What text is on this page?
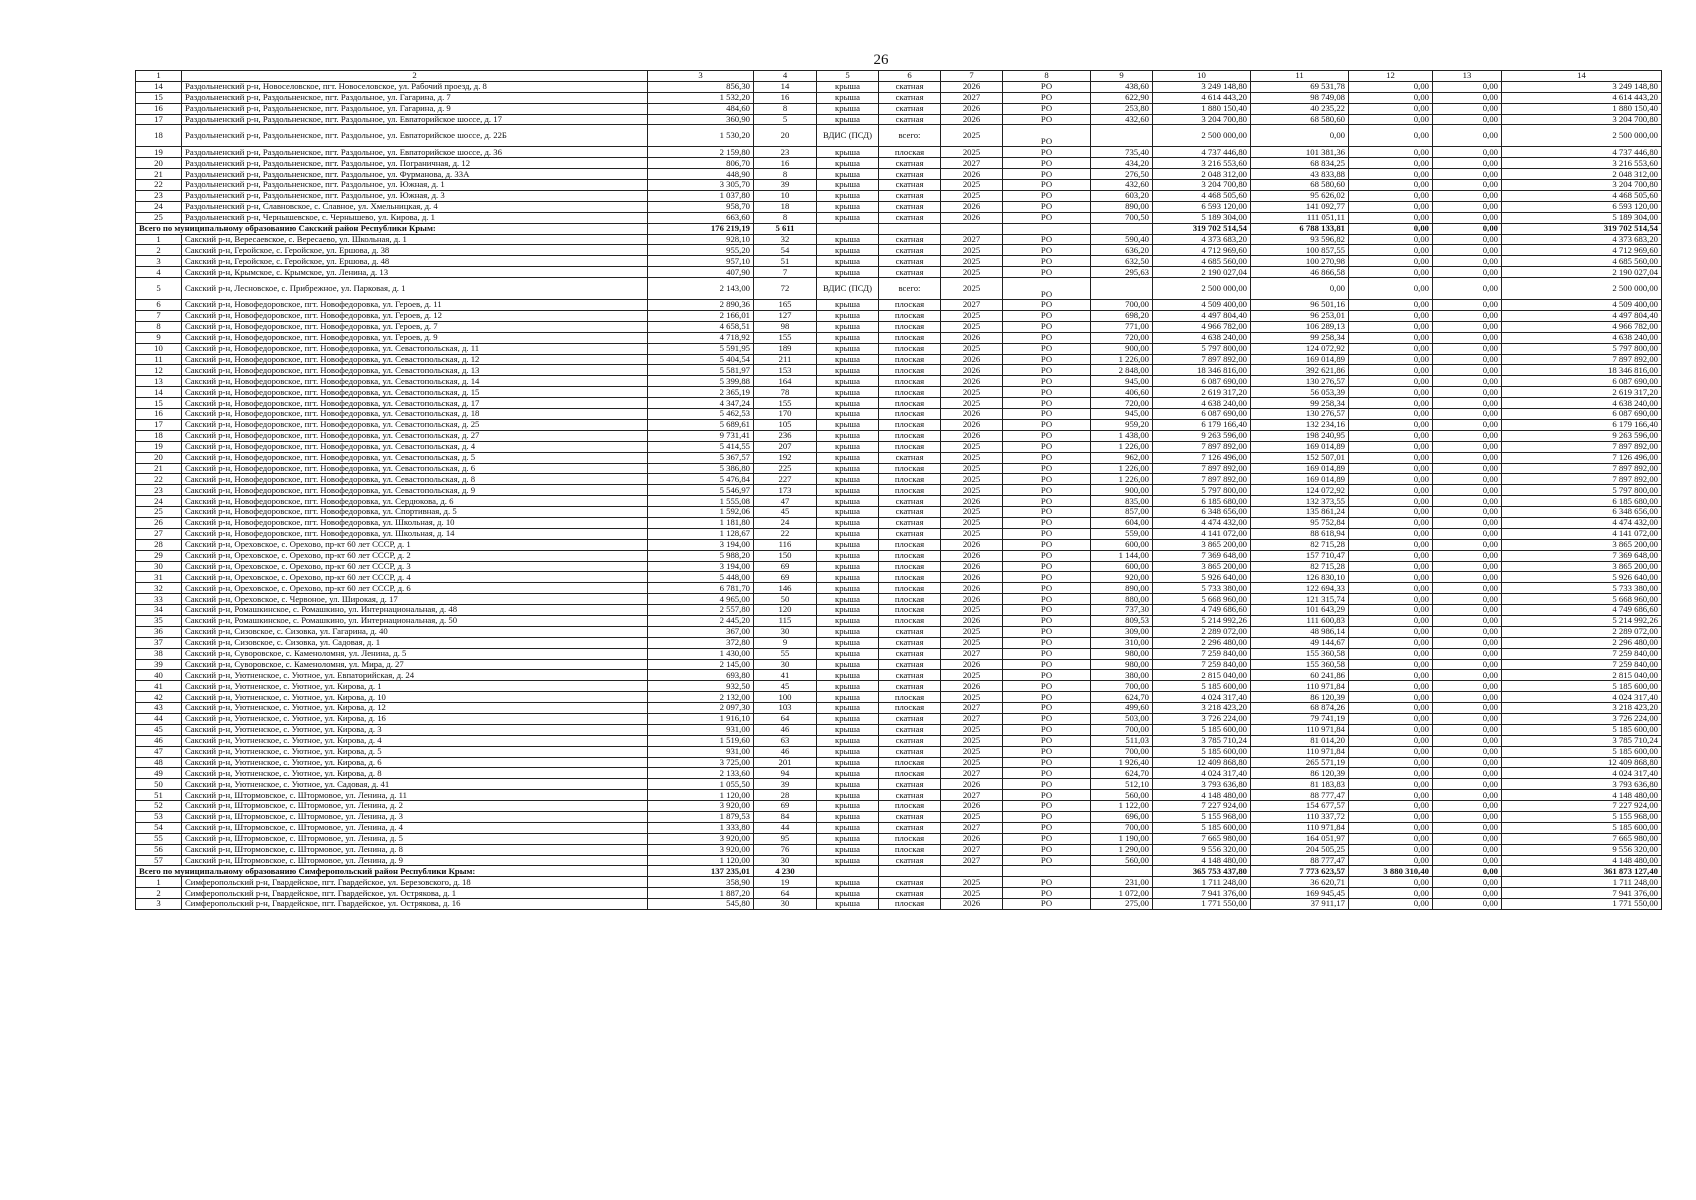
26
1	2	3	4	5	6	7	8	9	10	11	12	13	14
14	Раздольненский р-н, Новоселовское, пгт. Новоселовское, ул. Рабочий проезд, д. 8	856,30	14	крыша	скатная	2026	РО	438,60	3 249 148,80	69 531,78	0,00	0,00	3 249 148,80
15	Раздольненский р-н, Раздольненское, пгт. Раздольное, ул. Гагарина, д. 7	1 532,20	16	крыша	скатная	2027	РО	622,90	4 614 443,20	98 749,08	0,00	0,00	4 614 443,20
16	Раздольненский р-н, Раздольненское, пгт. Раздольное, ул. Гагарина, д. 9	484,60	8	крыша	скатная	2026	РО	253,80	1 880 150,40	40 235,22	0,00	0,00	1 880 150,40
17	Раздольненский р-н, Раздольненское, пгт. Раздольное, ул. Евпаторийское шоссе, д. 17	360,90	5	крыша	скатная	2026	РО	432,60	3 204 700,80	68 580,60	0,00	0,00	3 204 700,80
18	Раздольненский р-н, Раздольненское, пгт. Раздольное, ул. Евпаторийское шоссе, д. 22Б	1 530,20	20	ВДИС (ПСД)	всего:	2025	РО		2 500 000,00	0,00	0,00	0,00	2 500 000,00
19	Раздольненский р-н, Раздольненское, пгт. Раздольное, ул. Евпаторийское шоссе, д. 36	2 159,80	23	крыша	плоская	2025	РО	735,40	4 737 446,80	101 381,36	0,00	0,00	4 737 446,80
20	Раздольненский р-н, Раздольненское, пгт. Раздольное, ул. Пограничная, д. 12	806,70	16	крыша	скатная	2027	РО	434,20	3 216 553,60	68 834,25	0,00	0,00	3 216 553,60
21	Раздольненский р-н, Раздольненское, пгт. Раздольное, ул. Фурманова, д. 33А	448,90	8	крыша	скатная	2026	РО	276,50	2 048 312,00	43 833,88	0,00	0,00	2 048 312,00
22	Раздольненский р-н, Раздольненское, пгт. Раздольное, ул. Южная, д. 1	3 305,70	39	крыша	скатная	2025	РО	432,60	3 204 700,80	68 580,60	0,00	0,00	3 204 700,80
23	Раздольненский р-н, Раздольненское, пгт. Раздольное, ул. Южная, д. 3	1 037,80	10	крыша	скатная	2025	РО	603,20	4 468 505,60	95 626,02	0,00	0,00	4 468 505,60
24	Раздольненский р-н, Славновское, с. Славное, ул. Хмельницкая, д. 4	958,70	18	крыша	скатная	2026	РО	890,00	6 593 120,00	141 092,77	0,00	0,00	6 593 120,00
25	Раздольненский р-н, Чернышевское, с. Чернышево, ул. Кирова, д. 1	663,60	8	крыша	скатная	2026	РО	700,50	5 189 304,00	111 051,11	0,00	0,00	5 189 304,00
Всего по муниципальному образованию Сакский район Республики Крым:		176 219,19	5 611						319 702 514,54	6 788 133,81	0,00	0,00	319 702 514,54
1	Сакский р-н, Вересаевское, с. Вересаево, ул. Школьная, д. 1	928,10	32	крыша	скатная	2027	РО	590,40	4 373 683,20	93 596,82	0,00	0,00	4 373 683,20
2	Сакский р-н, Геройское, с. Геройское, ул. Ершова, д. 38	955,20	54	крыша	скатная	2025	РО	636,20	4 712 969,60	100 857,55	0,00	0,00	4 712 969,60
3	Сакский р-н, Геройское, с. Геройское, ул. Ершова, д. 48	957,10	51	крыша	скатная	2025	РО	632,50	4 685 560,00	100 270,98	0,00	0,00	4 685 560,00
4	Сакский р-н, Крымское, с. Крымское, ул. Ленина, д. 13	407,90	7	крыша	скатная	2025	РО	295,63	2 190 027,04	46 866,58	0,00	0,00	2 190 027,04
5	Сакский р-н, Лесновское, с. Прибрежное, ул. Парковая, д. 1	2 143,00	72	ВДИС (ПСД)	всего:	2025	РО		2 500 000,00	0,00	0,00	0,00	2 500 000,00
6	Сакский р-н, Новофедоровское, пгт. Новофедоровка, ул. Героев, д. 11	2 890,36	165	крыша	плоская	2027	РО	700,00	4 509 400,00	96 501,16	0,00	0,00	4 509 400,00
7	Сакский р-н, Новофедоровское, пгт. Новофедоровка, ул. Героев, д. 12	2 166,01	127	крыша	плоская	2025	РО	698,20	4 497 804,40	96 253,01	0,00	0,00	4 497 804,40
8	Сакский р-н, Новофедоровское, пгт. Новофедоровка, ул. Героев, д. 7	4 658,51	98	крыша	плоская	2025	РО	771,00	4 966 782,00	106 289,13	0,00	0,00	4 966 782,00
9	Сакский р-н, Новофедоровское, пгт. Новофедоровка, ул. Героев, д. 9	4 718,92	155	крыша	плоская	2026	РО	720,00	4 638 240,00	99 258,34	0,00	0,00	4 638 240,00
10	Сакский р-н, Новофедоровское, пгт. Новофедоровка, ул. Севастопольская, д. 11	5 591,95	189	крыша	плоская	2025	РО	900,00	5 797 800,00	124 072,92	0,00	0,00	5 797 800,00
11	Сакский р-н, Новофедоровское, пгт. Новофедоровка, ул. Севастопольская, д. 12	5 404,54	211	крыша	плоская	2026	РО	1 226,00	7 897 892,00	169 014,89	0,00	0,00	7 897 892,00
12	Сакский р-н, Новофедоровское, пгт. Новофедоровка, ул. Севастопольская, д. 13	5 581,97	153	крыша	плоская	2026	РО	2 848,00	18 346 816,00	392 621,86	0,00	0,00	18 346 816,00
13	Сакский р-н, Новофедоровское, пгт. Новофедоровка, ул. Севастопольская, д. 14	5 399,88	164	крыша	плоская	2026	РО	945,00	6 087 690,00	130 276,57	0,00	0,00	6 087 690,00
14	Сакский р-н, Новофедоровское, пгт. Новофедоровка, ул. Севастопольская, д. 15	2 365,19	78	крыша	плоская	2025	РО	406,60	2 619 317,20	56 053,39	0,00	0,00	2 619 317,20
15	Сакский р-н, Новофедоровское, пгт. Новофедоровка, ул. Севастопольская, д. 17	4 347,24	155	крыша	плоская	2025	РО	720,00	4 638 240,00	99 258,34	0,00	0,00	4 638 240,00
16	Сакский р-н, Новофедоровское, пгт. Новофедоровка, ул. Севастопольская, д. 18	5 462,53	170	крыша	плоская	2026	РО	945,00	6 087 690,00	130 276,57	0,00	0,00	6 087 690,00
17	Сакский р-н, Новофедоровское, пгт. Новофедоровка, ул. Севастопольская, д. 25	5 689,61	105	крыша	плоская	2026	РО	959,20	6 179 166,40	132 234,16	0,00	0,00	6 179 166,40
18	Сакский р-н, Новофедоровское, пгт. Новофедоровка, ул. Севастопольская, д. 27	9 731,41	236	крыша	плоская	2026	РО	1 438,00	9 263 596,00	198 240,95	0,00	0,00	9 263 596,00
19	Сакский р-н, Новофедоровское, пгт. Новофедоровка, ул. Севастопольская, д. 4	5 414,55	207	крыша	плоская	2025	РО	1 226,00	7 897 892,00	169 014,89	0,00	0,00	7 897 892,00
20	Сакский р-н, Новофедоровское, пгт. Новофедоровка, ул. Севастопольская, д. 5	5 367,57	192	крыша	скатная	2025	РО	962,00	7 126 496,00	152 507,01	0,00	0,00	7 126 496,00
21	Сакский р-н, Новофедоровское, пгт. Новофедоровка, ул. Севастопольская, д. 6	5 386,80	225	крыша	плоская	2025	РО	1 226,00	7 897 892,00	169 014,89	0,00	0,00	7 897 892,00
22	Сакский р-н, Новофедоровское, пгт. Новофедоровка, ул. Севастопольская, д. 8	5 476,84	227	крыша	плоская	2025	РО	1 226,00	7 897 892,00	169 014,89	0,00	0,00	7 897 892,00
23	Сакский р-н, Новофедоровское, пгт. Новофедоровка, ул. Севастопольская, д. 9	5 546,97	173	крыша	плоская	2025	РО	900,00	5 797 800,00	124 072,92	0,00	0,00	5 797 800,00
24	Сакский р-н, Новофедоровское, пгт. Новофедоровка, ул. Сердюкова, д. 6	1 555,08	47	крыша	скатная	2026	РО	835,00	6 185 680,00	132 373,55	0,00	0,00	6 185 680,00
25	Сакский р-н, Новофедоровское, пгт. Новофедоровка, ул. Спортивная, д. 5	1 592,06	45	крыша	скатная	2025	РО	857,00	6 348 656,00	135 861,24	0,00	0,00	6 348 656,00
26	Сакский р-н, Новофедоровское, пгт. Новофедоровка, ул. Школьная, д. 10	1 181,80	24	крыша	скатная	2025	РО	604,00	4 474 432,00	95 752,84	0,00	0,00	4 474 432,00
27	Сакский р-н, Новофедоровское, пгт. Новофедоровка, ул. Школьная, д. 14	1 128,67	22	крыша	скатная	2025	РО	559,00	4 141 072,00	88 618,94	0,00	0,00	4 141 072,00
28	Сакский р-н, Ореховское, с. Орехово, пр-кт 60 лет СССР, д. 1	3 194,00	116	крыша	плоская	2026	РО	600,00	3 865 200,00	82 715,28	0,00	0,00	3 865 200,00
29	Сакский р-н, Ореховское, с. Орехово, пр-кт 60 лет СССР, д. 2	5 988,20	150	крыша	плоская	2026	РО	1 144,00	7 369 648,00	157 710,47	0,00	0,00	7 369 648,00
30	Сакский р-н, Ореховское, с. Орехово, пр-кт 60 лет СССР, д. 3	3 194,00	69	крыша	плоская	2026	РО	600,00	3 865 200,00	82 715,28	0,00	0,00	3 865 200,00
31	Сакский р-н, Ореховское, с. Орехово, пр-кт 60 лет СССР, д. 4	5 448,00	69	крыша	плоская	2026	РО	920,00	5 926 640,00	126 830,10	0,00	0,00	5 926 640,00
32	Сакский р-н, Ореховское, с. Орехово, пр-кт 60 лет СССР, д. 6	6 781,70	146	крыша	плоская	2026	РО	890,00	5 733 380,00	122 694,33	0,00	0,00	5 733 380,00
33	Сакский р-н, Ореховское, с. Червоное, ул. Широкая, д. 17	4 965,00	50	крыша	плоская	2026	РО	880,00	5 668 960,00	121 315,74	0,00	0,00	5 668 960,00
34	Сакский р-н, Ромашкинское, с. Ромашкино, ул. Интернациональная, д. 48	2 557,80	120	крыша	плоская	2025	РО	737,30	4 749 686,60	101 643,29	0,00	0,00	4 749 686,60
35	Сакский р-н, Ромашкинское, с. Ромашкино, ул. Интернациональная, д. 50	2 445,20	115	крыша	плоская	2026	РО	809,53	5 214 992,26	111 600,83	0,00	0,00	5 214 992,26
36	Сакский р-н, Сизовское, с. Сизовка, ул. Гагарина, д. 40	367,00	30	крыша	скатная	2025	РО	309,00	2 289 072,00	48 986,14	0,00	0,00	2 289 072,00
37	Сакский р-н, Сизовское, с. Сизовка, ул. Садовая, д. 1	372,80	9	крыша	скатная	2025	РО	310,00	2 296 480,00	49 144,67	0,00	0,00	2 296 480,00
38	Сакский р-н, Суворовское, с. Каменоломня, ул. Ленина, д. 5	1 430,00	55	крыша	скатная	2027	РО	980,00	7 259 840,00	155 360,58	0,00	0,00	7 259 840,00
39	Сакский р-н, Суворовское, с. Каменоломня, ул. Мира, д. 27	2 145,00	30	крыша	скатная	2026	РО	980,00	7 259 840,00	155 360,58	0,00	0,00	7 259 840,00
40	Сакский р-н, Уютненское, с. Уютное, ул. Евпаторийская, д. 24	693,80	41	крыша	скатная	2025	РО	380,00	2 815 040,00	60 241,86	0,00	0,00	2 815 040,00
41	Сакский р-н, Уютненское, с. Уютное, ул. Кирова, д. 1	932,50	45	крыша	скатная	2026	РО	700,00	5 185 600,00	110 971,84	0,00	0,00	5 185 600,00
42	Сакский р-н, Уютненское, с. Уютное, ул. Кирова, д. 10	2 132,00	100	крыша	плоская	2025	РО	624,70	4 024 317,40	86 120,39	0,00	0,00	4 024 317,40
43	Сакский р-н, Уютненское, с. Уютное, ул. Кирова, д. 12	2 097,30	103	крыша	плоская	2027	РО	499,60	3 218 423,20	68 874,26	0,00	0,00	3 218 423,20
44	Сакский р-н, Уютненское, с. Уютное, ул. Кирова, д. 16	1 916,10	64	крыша	скатная	2027	РО	503,00	3 726 224,00	79 741,19	0,00	0,00	3 726 224,00
45	Сакский р-н, Уютненское, с. Уютное, ул. Кирова, д. 3	931,00	46	крыша	скатная	2025	РО	700,00	5 185 600,00	110 971,84	0,00	0,00	5 185 600,00
46	Сакский р-н, Уютненское, с. Уютное, ул. Кирова, д. 4	1 519,60	63	крыша	скатная	2025	РО	511,03	3 785 710,24	81 014,20	0,00	0,00	3 785 710,24
47	Сакский р-н, Уютненское, с. Уютное, ул. Кирова, д. 5	931,00	46	крыша	скатная	2025	РО	700,00	5 185 600,00	110 971,84	0,00	0,00	5 185 600,00
48	Сакский р-н, Уютненское, с. Уютное, ул. Кирова, д. 6	3 725,00	201	крыша	плоская	2025	РО	1 926,40	12 409 868,80	265 571,19	0,00	0,00	12 409 868,80
49	Сакский р-н, Уютненское, с. Уютное, ул. Кирова, д. 8	2 133,60	94	крыша	плоская	2027	РО	624,70	4 024 317,40	86 120,39	0,00	0,00	4 024 317,40
50	Сакский р-н, Уютненское, с. Уютное, ул. Садовая, д. 41	1 055,50	39	крыша	скатная	2026	РО	512,10	3 793 636,80	81 183,83	0,00	0,00	3 793 636,80
51	Сакский р-н, Штормовское, с. Штормовое, ул. Ленина, д. 11	1 120,00	28	крыша	скатная	2027	РО	560,00	4 148 480,00	88 777,47	0,00	0,00	4 148 480,00
52	Сакский р-н, Штормовское, с. Штормовое, ул. Ленина, д. 2	3 920,00	69	крыша	плоская	2026	РО	1 122,00	7 227 924,00	154 677,57	0,00	0,00	7 227 924,00
53	Сакский р-н, Штормовское, с. Штормовое, ул. Ленина, д. 3	1 879,53	84	крыша	скатная	2025	РО	696,00	5 155 968,00	110 337,72	0,00	0,00	5 155 968,00
54	Сакский р-н, Штормовское, с. Штормовое, ул. Ленина, д. 4	1 333,80	44	крыша	скатная	2027	РО	700,00	5 185 600,00	110 971,84	0,00	0,00	5 185 600,00
55	Сакский р-н, Штормовское, с. Штормовое, ул. Ленина, д. 5	3 920,00	95	крыша	плоская	2026	РО	1 190,00	7 665 980,00	164 051,97	0,00	0,00	7 665 980,00
56	Сакский р-н, Штормовское, с. Штормовое, ул. Ленина, д. 8	3 920,00	76	крыша	плоская	2027	РО	1 290,00	9 556 320,00	204 505,25	0,00	0,00	9 556 320,00
57	Сакский р-н, Штормовское, с. Штормовое, ул. Ленина, д. 9	1 120,00	30	крыша	скатная	2027	РО	560,00	4 148 480,00	88 777,47	0,00	0,00	4 148 480,00
Всего по муниципальному образованию Симферопольский район Республики Крым:		137 235,01	4 230						365 753 437,80	7 773 623,57	3 880 310,40	0,00	361 873 127,40
1	Симферопольский р-н, Гвардейское, пгт. Гвардейское, ул. Березовского, д. 18	358,90	19	крыша	скатная	2025	РО	231,00	1 711 248,00	36 620,71	0,00	0,00	1 711 248,00
2	Симферопольский р-н, Гвардейское, пгт. Гвардейское, ул. Острякова, д. 1	1 887,20	64	крыша	скатная	2025	РО	1 072,00	7 941 376,00	169 945,45	0,00	0,00	7 941 376,00
3	Симферопольский р-н, Гвардейское, пгт. Гвардейское, ул. Острякова, д. 16	545,80	30	крыша	плоская	2026	РО	275,00	1 771 550,00	37 911,17	0,00	0,00	1 771 550,00
